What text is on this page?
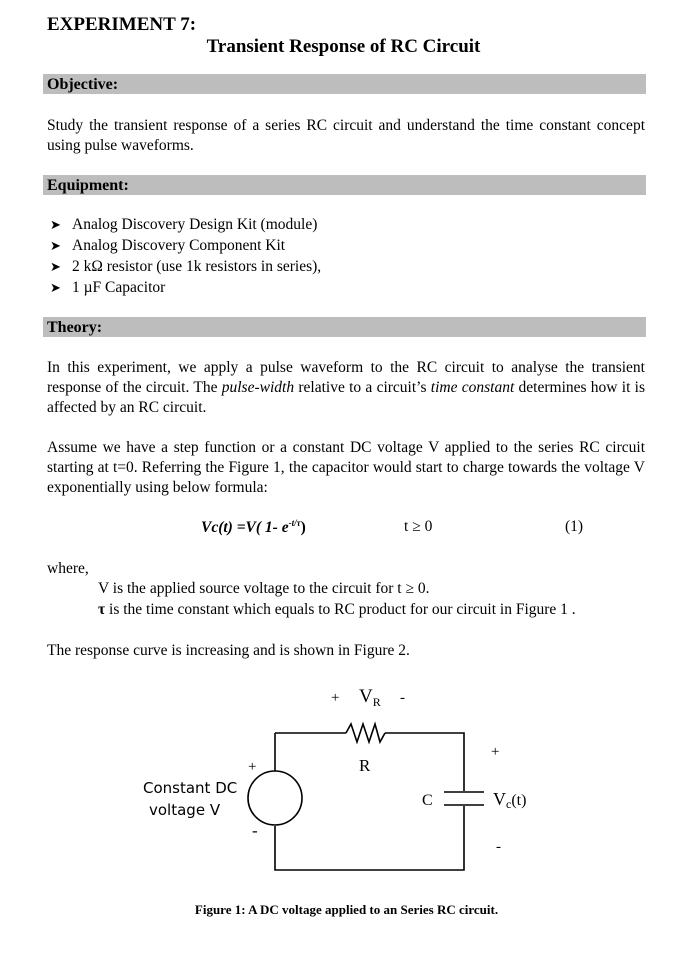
EXPERIMENT 7:
Transient Response of RC Circuit
Objective:
Study the transient response of a series RC circuit and understand the time constant concept using pulse waveforms.
Equipment:
➤ Analog Discovery Design Kit (module)
➤ Analog Discovery Component Kit
➤ 2 kΩ resistor (use 1k resistors in series),
➤ 1 µF Capacitor
Theory:
In this experiment, we apply a pulse waveform to the RC circuit to analyse the transient response of the circuit. The pulse-width relative to a circuit’s time constant determines how it is affected by an RC circuit.
Assume we have a step function or a constant DC voltage V applied to the series RC circuit starting at t=0. Referring the Figure 1, the capacitor would start to charge towards the voltage V exponentially using below formula:
Vc(t) =V( 1- $e^{-t/\tau}$)	t ≥ 0	(1)
where,
V is the applied source voltage to the circuit for t ≥ 0.
τ is the time constant which equals to RC product for our circuit in Figure 1 .
The response curve is increasing and is shown in Figure 2.
+ $V_R$ -
R
+
-
Constant DC
voltage V
C
+
-
Vc(t)
Figure 1: A DC voltage applied to an Series RC circuit.
